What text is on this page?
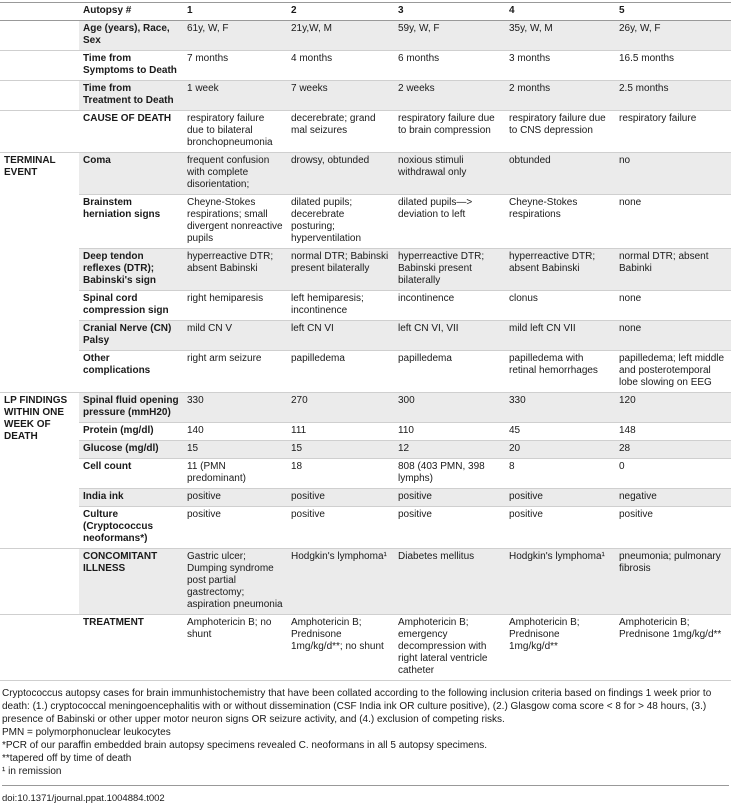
	Autopsy #	1	2	3	4	5
	Age (years), Race, Sex	61y, W, F	21y,W, M	59y, W, F	35y, W, M	26y, W, F
	Time from Symptoms to Death	7 months	4 months	6 months	3 months	16.5 months
	Time from Treatment to Death	1 week	7 weeks	2 weeks	2 months	2.5 months
	CAUSE OF DEATH	respiratory failure due to bilateral bronchopneumonia	decerebrate; grand mal seizures	respiratory failure due to brain compression	respiratory failure due to CNS depression	respiratory failure
TERMINAL EVENT	Coma	frequent confusion with complete disorientation;	drowsy, obtunded	noxious stimuli withdrawal only	obtunded	no
	Brainstem herniation signs	Cheyne-Stokes respirations; small divergent nonreactive pupils	dilated pupils; decerebrate posturing; hyperventilation	dilated pupils—> deviation to left	Cheyne-Stokes respirations	none
	Deep tendon reflexes (DTR); Babinski's sign	hyperreactive DTR; absent Babinski	normal DTR; Babinski present bilaterally	hyperreactive DTR; Babinski present bilaterally	hyperreactive DTR; absent Babinski	normal DTR; absent Babinki
	Spinal cord compression sign	right hemiparesis	left hemiparesis; incontinence	incontinence	clonus	none
	Cranial Nerve (CN) Palsy	mild CN V	left CN VI	left CN VI, VII	mild left CN VII	none
	Other complications	right arm seizure	papilledema	papilledema	papilledema with retinal hemorrhages	papilledema; left middle and posterotemporal lobe slowing on EEG
LP FINDINGS WITHIN ONE WEEK OF DEATH	Spinal fluid opening pressure (mmH20)	330	270	300	330	120
	Protein (mg/dl)	140	111	110	45	148
	Glucose (mg/dl)	15	15	12	20	28
	Cell count	11 (PMN predominant)	18	808 (403 PMN, 398 lymphs)	8	0
	India ink	positive	positive	positive	positive	negative
	Culture (Cryptococcus neoformans*)	positive	positive	positive	positive	positive
	CONCOMITANT ILLNESS	Gastric ulcer; Dumping syndrome post partial gastrectomy; aspiration pneumonia	Hodgkin's lymphoma¹	Diabetes mellitus	Hodgkin's lymphoma¹	pneumonia; pulmonary fibrosis
	TREATMENT	Amphotericin B; no shunt	Amphotericin B; Prednisone 1mg/kg/d**; no shunt	Amphotericin B; emergency decompression with right lateral ventricle catheter	Amphotericin B; Prednisone 1mg/kg/d**	Amphotericin B; Prednisone 1mg/kg/d**

Cryptococcus autopsy cases for brain immunhistochemistry that have been collated according to the following inclusion criteria based on findings 1 week prior to death: (1.) cryptococcal meningoencephalitis with or without dissemination (CSF India ink OR culture positive), (2.) Glasgow coma score < 8 for > 48 hours, (3.) presence of Babinski or other upper motor neuron signs OR seizure activity, and (4.) exclusion of competing risks.

PMN = polymorphonuclear leukocytes

*PCR of our paraffin embedded brain autopsy specimens revealed C. neoformans in all 5 autopsy specimens.

**tapered off by time of death

¹ in remission

doi:10.1371/journal.ppat.1004884.t002
